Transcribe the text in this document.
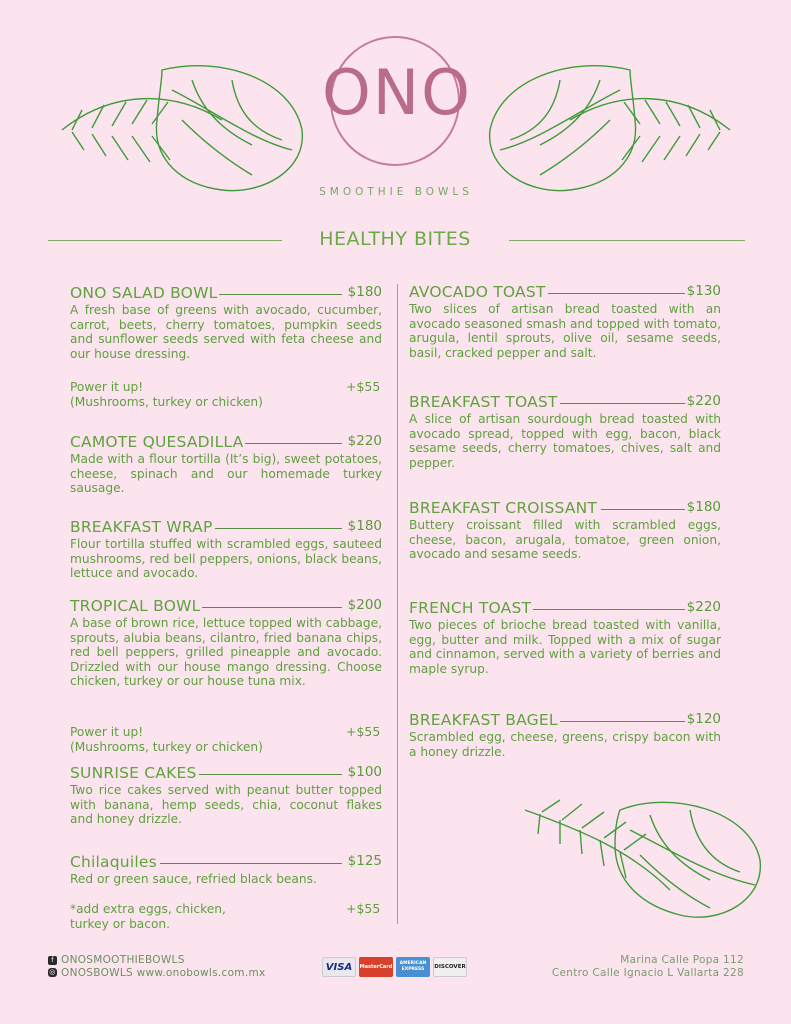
ONO
SMOOTHIE BOWLS
HEALTHY BITES
ONO SALAD BOWL	$180
A fresh base of greens with avocado, cucumber, carrot, beets, cherry tomatoes, pumpkin seeds and sunflower seeds served with feta cheese and our house dressing.
Power it up!
(Mushrooms, turkey or chicken)
+$55
CAMOTE QUESADILLA	$220
Made with a flour tortilla (It’s big), sweet potatoes, cheese, spinach and our homemade turkey sausage.
BREAKFAST WRAP	$180
Flour tortilla stuffed with scrambled eggs, sauteed mushrooms, red bell peppers, onions, black beans, lettuce and avocado.
TROPICAL BOWL	$200
A base of brown rice, lettuce topped with cabbage, sprouts, alubia beans, cilantro, fried banana chips, red bell peppers, grilled pineapple and avocado. Drizzled with our house mango dressing. Choose chicken, turkey or our house tuna mix.
Power it up!
(Mushrooms, turkey or chicken)
+$55
SUNRISE CAKES	$100
Two rice cakes served with peanut butter topped with banana, hemp seeds, chia, coconut flakes and honey drizzle.
Chilaquiles	$125
Red or green sauce, refried black beans.
*add extra eggs, chicken,
turkey or bacon.
+$55
AVOCADO TOAST	$130
Two slices of artisan bread toasted with an avocado seasoned smash and topped with tomato, arugula, lentil sprouts, olive oil, sesame seeds, basil, cracked pepper and salt.
BREAKFAST TOAST	$220
A slice of artisan sourdough bread toasted with avocado spread, topped with egg, bacon, black sesame seeds, cherry tomatoes, chives, salt and pepper.
BREAKFAST CROISSANT	$180
Buttery croissant filled with scrambled eggs, cheese, bacon, arugala, tomatoe, green onion, avocado and sesame seeds.
FRENCH TOAST	$220
Two pieces of brioche bread toasted with vanilla, egg, butter and milk. Topped with a mix of sugar and cinnamon, served with a variety of berries and maple syrup.
BREAKFAST BAGEL	$120
Scrambled egg, cheese, greens, crispy bacon with a honey drizzle.
f ONOSMOOTHIEBOWLS
◎ ONOSBOWLS www.onobowls.com.mx	VISA	MasterCard
AMERICAN EXPRESS	DISCOVER
Marina Calle Popa 112
Centro Calle Ignacio L Vallarta 228
